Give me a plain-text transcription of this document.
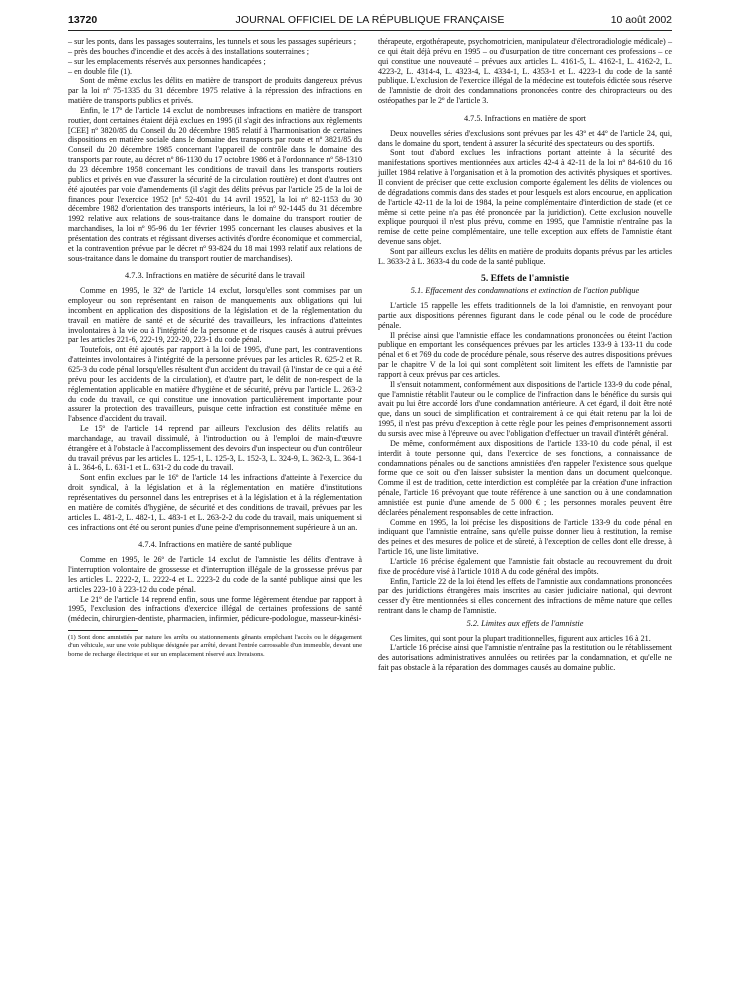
13720	JOURNAL OFFICIEL DE LA RÉPUBLIQUE FRANÇAISE	10 août 2002

– sur les ponts, dans les passages souterrains, les tunnels et sous les passages supérieurs ;

– près des bouches d'incendie et des accès à des installations souterraines ;

– sur les emplacements réservés aux personnes handicapées ;

– en double file (1).

Sont de même exclus les délits en matière de transport de produits dangereux prévus par la loi nº 75-1335 du 31 décembre 1975 relative à la répression des infractions en matière de transports publics et privés.

Enfin, le 17º de l'article 14 exclut de nombreuses infractions en matière de transport routier, dont certaines étaient déjà exclues en 1995 (il s'agit des infractions aux règlements [CEE] nº 3820/85 du Conseil du 20 décembre 1985 relatif à l'harmonisation de certaines dispositions en matière sociale dans le domaine des transports par route et nº 3821/85 du Conseil du 20 décembre 1985 concernant l'appareil de contrôle dans le domaine des transports par route, au décret nº 86-1130 du 17 octobre 1986 et à l'ordonnance nº 58-1310 du 23 décembre 1958 concernant les conditions de travail dans les transports routiers publics et privés en vue d'assurer la sécurité de la circulation routière) et dont d'autres ont été ajoutées par voie d'amendements (il s'agit des délits prévus par l'article 25 de la loi de finances pour l'exercice 1952 [nº 52-401 du 14 avril 1952], la loi nº 82-1153 du 30 décembre 1982 d'orientation des transports intérieurs, la loi nº 92-1445 du 31 décembre 1992 relative aux relations de sous-traitance dans le domaine du transport routier de marchandises, la loi nº 95-96 du 1er février 1995 concernant les clauses abusives et la présentation des contrats et régissant diverses activités d'ordre économique et commercial, et la contravention prévue par le décret nº 93-824 du 18 mai 1993 relatif aux relations de sous-traitance dans le domaine du transport routier de marchandises).

4.7.3. Infractions en matière de sécurité dans le travail

Comme en 1995, le 32º de l'article 14 exclut, lorsqu'elles sont commises par un employeur ou son représentant en raison de manquements aux obligations qui lui incombent en application des dispositions de la législation et de la réglementation du travail en matière de santé et de sécurité des travailleurs, les infractions d'atteintes involontaires à la vie ou à l'intégrité de la personne et de risques causés à autrui prévues par les articles 221-6, 222-19, 222-20, 223-1 du code pénal.

Toutefois, ont été ajoutés par rapport à la loi de 1995, d'une part, les contraventions d'atteintes involontaires à l'intégrité de la personne prévues par les articles R. 625-2 et R. 625-3 du code pénal lorsqu'elles résultent d'un accident du travail (à l'instar de ce qui a été prévu pour les accidents de la circulation), et d'autre part, le délit de non-respect de la réglementation applicable en matière d'hygiène et de sécurité, prévu par l'article L. 263-2 du code du travail, ce qui constitue une innovation particulièrement importante pour assurer la protection des travailleurs, puisque cette infraction est constituée même en l'absence d'accident du travail.

Le 15º de l'article 14 reprend par ailleurs l'exclusion des délits relatifs au marchandage, au travail dissimulé, à l'introduction ou à l'emploi de main-d'œuvre étrangère et à l'obstacle à l'accomplissement des devoirs d'un inspecteur ou d'un contrôleur du travail prévus par les articles L. 125-1, L. 125-3, L. 152-3, L. 324-9, L. 362-3, L. 364-1 à L. 364-6, L. 631-1 et L. 631-2 du code du travail.

Sont enfin exclues par le 16º de l'article 14 les infractions d'atteinte à l'exercice du droit syndical, à la législation et à la réglementation en matière d'institutions représentatives du personnel dans les entreprises et à la législation et à la réglementation en matière de comités d'hygiène, de sécurité et des conditions de travail, prévues par les articles L. 481-2, L. 482-1, L. 483-1 et L. 263-2-2 du code du travail, mais uniquement si ces infractions ont été ou seront punies d'une peine d'emprisonnement supérieure à un an.

4.7.4. Infractions en matière de santé publique

Comme en 1995, le 26º de l'article 14 exclut de l'amnistie les délits d'entrave à l'interruption volontaire de grossesse et d'interruption illégale de la grossesse prévus par les articles L. 2222-2, L. 2222-4 et L. 2223-2 du code de la santé publique ainsi que les articles 223-10 à 223-12 du code pénal.

Le 21º de l'article 14 reprend enfin, sous une forme légèrement étendue par rapport à 1995, l'exclusion des infractions d'exercice illégal de certaines professions de santé (médecin, chirurgien-dentiste, pharmacien, infirmier, pédicure-podologue, masseur-kinési-

(1) Sont donc amnistiés par nature les arrêts ou stationnements gênants empêchant l'accès ou le dégagement d'un véhicule, sur une voie publique désignée par arrêté, devant l'entrée carrossable d'un immeuble, devant une borne de recharge électrique et sur un emplacement réservé aux livraisons.

thérapeute, ergothérapeute, psychomotricien, manipulateur d'électroradiologie médicale) – ce qui était déjà prévu en 1995 – ou d'usurpation de titre concernant ces professions – ce qui constitue une nouveauté – prévues aux articles L. 4161-5, L. 4162-1, L. 4162-2, L. 4223-2, L. 4314-4, L. 4323-4, L. 4334-1, L. 4353-1 et L. 4223-1 du code de la santé publique. L'exclusion de l'exercice illégal de la médecine est toutefois édictée sous réserve de l'amnistie de droit des condamnations prononcées contre des chiropracteurs ou des ostéopathes par le 2º de l'article 3.

4.7.5. Infractions en matière de sport

Deux nouvelles séries d'exclusions sont prévues par les 43º et 44º de l'article 24, qui, dans le domaine du sport, tendent à assurer la sécurité des spectateurs ou des sportifs.

Sont tout d'abord exclues les infractions portant atteinte à la sécurité des manifestations sportives mentionnées aux articles 42-4 à 42-11 de la loi nº 84-610 du 16 juillet 1984 relative à l'organisation et à la promotion des activités physiques et sportives. Il convient de préciser que cette exclusion comporte également les délits de violences ou de dégradations commis dans des stades et pour lesquels est alors encourue, en application de l'article 42-11 de la loi de 1984, la peine complémentaire d'interdiction de stade (et ce même si cette peine n'a pas été prononcée par la juridiction). Cette exclusion nouvelle explique pourquoi il n'est plus prévu, comme en 1995, que l'amnistie n'entraîne pas la remise de cette peine complémentaire, une telle exception aux effets de l'amnistie étant devenue sans objet.

Sont par ailleurs exclus les délits en matière de produits dopants prévus par les articles L. 3633-2 à L. 3633-4 du code de la santé publique.

5. Effets de l'amnistie
5.1. Effacement des condamnations et extinction de l'action publique

L'article 15 rappelle les effets traditionnels de la loi d'amnistie, en renvoyant pour partie aux dispositions pérennes figurant dans le code pénal ou le code de procédure pénale.

Il précise ainsi que l'amnistie efface les condamnations prononcées ou éteint l'action publique en emportant les conséquences prévues par les articles 133-9 à 133-11 du code pénal et 6 et 769 du code de procédure pénale, sous réserve des autres dispositions prévues par le chapitre V de la loi qui sont complètent soit limitent les effets de l'amnistie par rapport à ceux prévus par ces articles.

Il s'ensuit notamment, conformément aux dispositions de l'article 133-9 du code pénal, que l'amnistie rétablit l'auteur ou le complice de l'infraction dans le bénéfice du sursis qui avait pu lui être accordé lors d'une condamnation antérieure. A cet égard, il doit être noté que, dans un souci de simplification et contrairement à ce qui était retenu par la loi de 1995, il n'est pas prévu d'exception à cette règle pour les peines d'emprisonnement assorti du sursis avec mise à l'épreuve ou avec l'obligation d'effectuer un travail d'intérêt général.

De même, conformément aux dispositions de l'article 133-10 du code pénal, il est interdit à toute personne qui, dans l'exercice de ses fonctions, a connaissance de condamnations pénales ou de sanctions amnistiées d'en rappeler l'existence sous quelque forme que ce soit ou d'en laisser subsister la mention dans un document quelconque. Comme il est de tradition, cette interdiction est complétée par la création d'une infraction pénale, l'article 16 prévoyant que toute référence à une sanction ou à une condamnation amnistiée est punie d'une amende de 5 000 € ; les personnes morales peuvent être déclarées pénalement responsables de cette infraction.

Comme en 1995, la loi précise les dispositions de l'article 133-9 du code pénal en indiquant que l'amnistie entraîne, sans qu'elle puisse donner lieu à restitution, la remise des peines et des mesures de police et de sûreté, à l'exception de celles dont elle dresse, à l'article 16, une liste limitative.

L'article 16 précise également que l'amnistie fait obstacle au recouvrement du droit fixe de procédure visé à l'article 1018 A du code général des impôts.

Enfin, l'article 22 de la loi étend les effets de l'amnistie aux condamnations prononcées par des juridictions étrangères mais inscrites au casier judiciaire national, qui devront cesser d'y être mentionnées si elles concernent des infractions de même nature que celles rentrant dans le champ de l'amnistie.

5.2. Limites aux effets de l'amnistie

Ces limites, qui sont pour la plupart traditionnelles, figurent aux articles 16 à 21.

L'article 16 précise ainsi que l'amnistie n'entraîne pas la restitution ou le rétablissement des autorisations administratives annulées ou retirées par la condamnation, et qu'elle ne fait pas obstacle à la réparation des dommages causés au domaine public.
